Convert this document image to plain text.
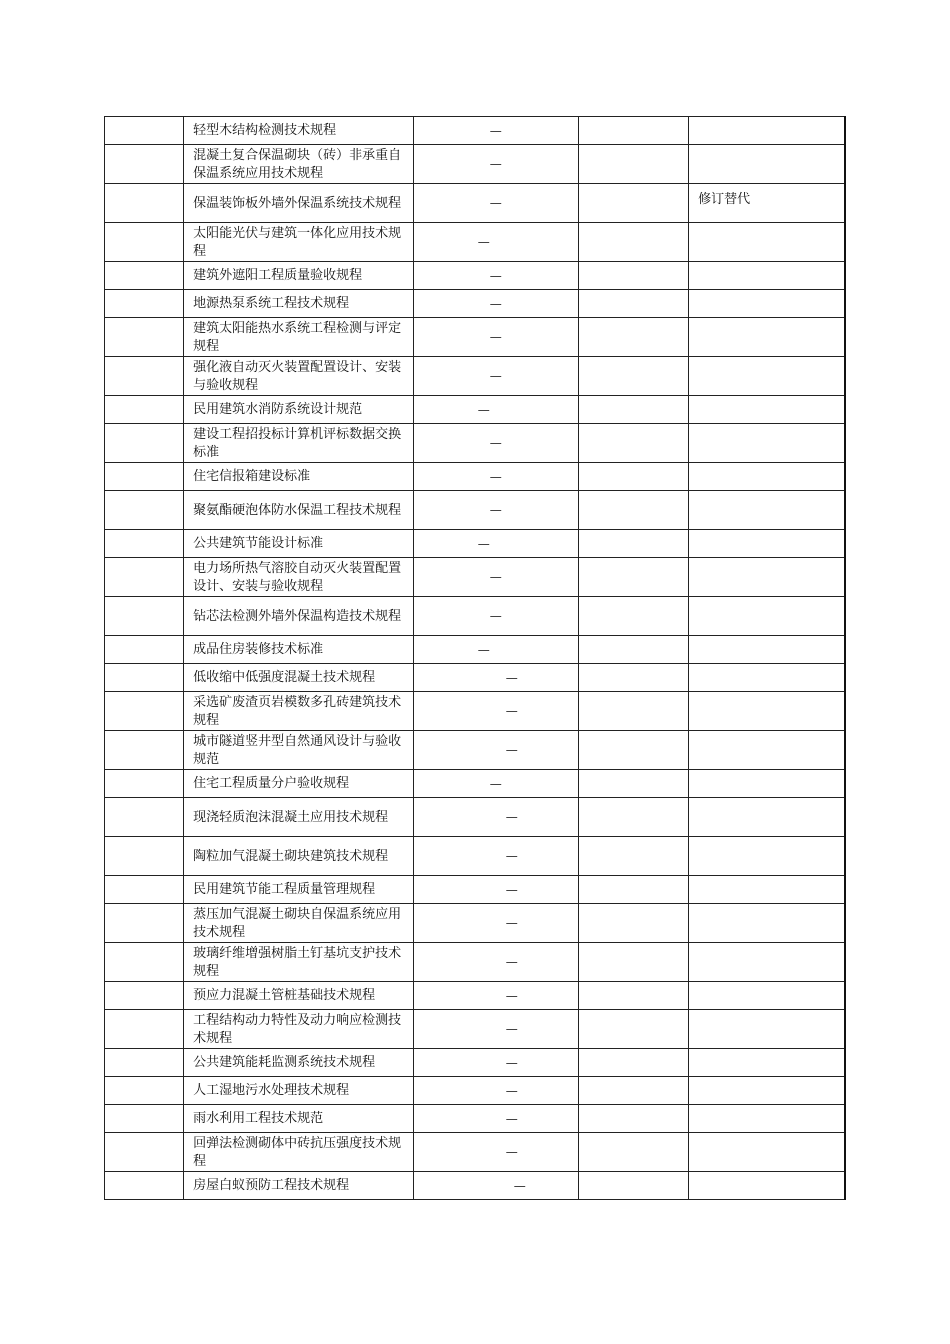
	轻型木结构检测技术规程	—		

	混凝土复合保温砌块（砖）非承重自保温系统应用技术规程	—		

	保温装饰板外墙外保温系统技术规程	—		修订替代

	太阳能光伏与建筑一体化应用技术规程	—		

	建筑外遮阳工程质量验收规程	—		

	地源热泵系统工程技术规程	—		

	建筑太阳能热水系统工程检测与评定规程	—		

	强化液自动灭火装置配置设计、安装与验收规程	—		

	民用建筑水消防系统设计规范	—		

	建设工程招投标计算机评标数据交换标准	—		

	住宅信报箱建设标准	—		

	聚氨酯硬泡体防水保温工程技术规程	—		

	公共建筑节能设计标准	—		

	电力场所热气溶胶自动灭火装置配置设计、安装与验收规程	—		

	钻芯法检测外墙外保温构造技术规程	—		

	成品住房装修技术标准	—		

	低收缩中低强度混凝土技术规程	—		

	采选矿废渣页岩模数多孔砖建筑技术规程	—		

	城市隧道竖井型自然通风设计与验收规范	—		

	住宅工程质量分户验收规程	—		

	现浇轻质泡沫混凝土应用技术规程	—		

	陶粒加气混凝土砌块建筑技术规程	—		

	民用建筑节能工程质量管理规程	—		

	蒸压加气混凝土砌块自保温系统应用技术规程	—		

	玻璃纤维增强树脂土钉基坑支护技术规程	—		

	预应力混凝土管桩基础技术规程	—		

	工程结构动力特性及动力响应检测技术规程	—		

	公共建筑能耗监测系统技术规程	—		

	人工湿地污水处理技术规程	—		

	雨水利用工程技术规范	—		

	回弹法检测砌体中砖抗压强度技术规程	—		

	房屋白蚁预防工程技术规程	—		
